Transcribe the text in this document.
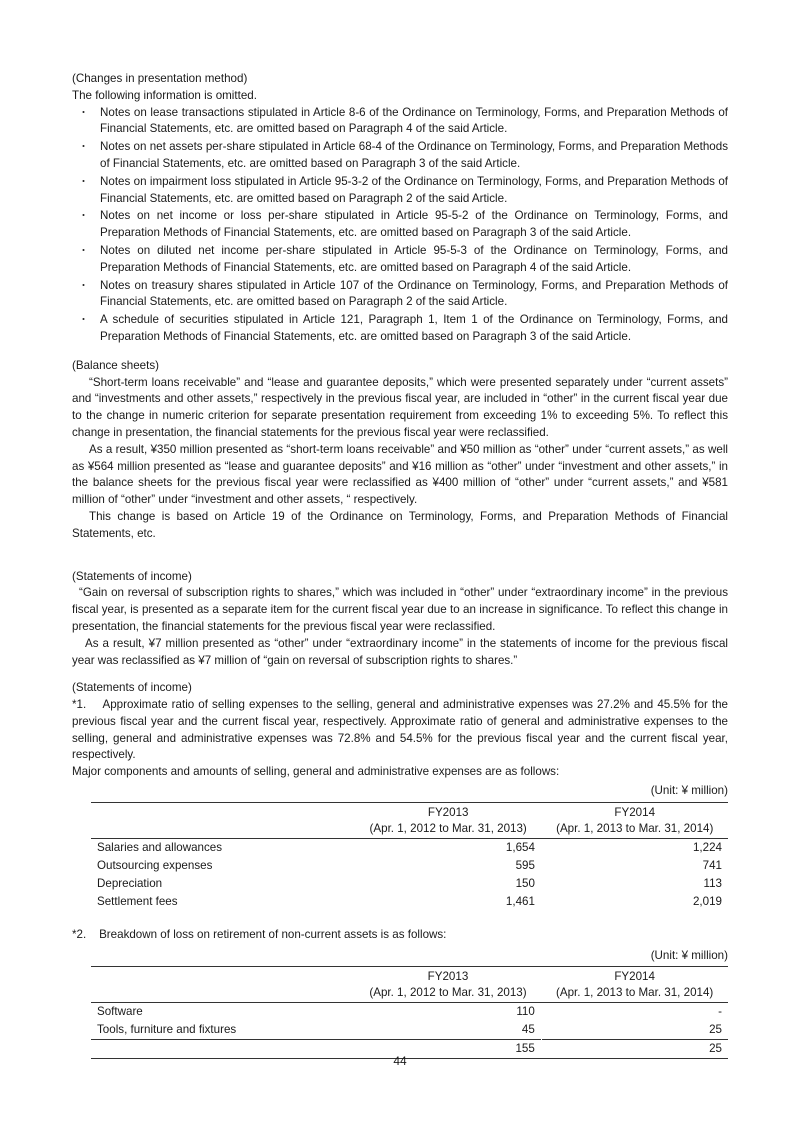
(Changes in presentation method)

The following information is omitted.

・ Notes on lease transactions stipulated in Article 8-6 of the Ordinance on Terminology, Forms, and Preparation Methods of Financial Statements, etc. are omitted based on Paragraph 4 of the said Article.
・ Notes on net assets per-share stipulated in Article 68-4 of the Ordinance on Terminology, Forms, and Preparation Methods of Financial Statements, etc. are omitted based on Paragraph 3 of the said Article.
・ Notes on impairment loss stipulated in Article 95-3-2 of the Ordinance on Terminology, Forms, and Preparation Methods of Financial Statements, etc. are omitted based on Paragraph 2 of the said Article.
・ Notes on net income or loss per-share stipulated in Article 95-5-2 of the Ordinance on Terminology, Forms, and Preparation Methods of Financial Statements, etc. are omitted based on Paragraph 3 of the said Article.
・ Notes on diluted net income per-share stipulated in Article 95-5-3 of the Ordinance on Terminology, Forms, and Preparation Methods of Financial Statements, etc. are omitted based on Paragraph 4 of the said Article.
・ Notes on treasury shares stipulated in Article 107 of the Ordinance on Terminology, Forms, and Preparation Methods of Financial Statements, etc. are omitted based on Paragraph 2 of the said Article.
・ A schedule of securities stipulated in Article 121, Paragraph 1, Item 1 of the Ordinance on Terminology, Forms, and Preparation Methods of Financial Statements, etc. are omitted based on Paragraph 3 of the said Article.

(Balance sheets)

“Short-term loans receivable” and “lease and guarantee deposits,” which were presented separately under “current assets” and “investments and other assets,” respectively in the previous fiscal year, are included in “other” in the current fiscal year due to the change in numeric criterion for separate presentation requirement from exceeding 1% to exceeding 5%. To reflect this change in presentation, the financial statements for the previous fiscal year were reclassified.

As a result, ¥350 million presented as “short-term loans receivable” and ¥50 million as “other” under “current assets,” as well as ¥564 million presented as “lease and guarantee deposits” and ¥16 million as “other” under “investment and other assets,” in the balance sheets for the previous fiscal year were reclassified as ¥400 million of “other” under “current assets,” and ¥581 million of “other” under “investment and other assets, “ respectively.

This change is based on Article 19 of the Ordinance on Terminology, Forms, and Preparation Methods of Financial Statements, etc.

(Statements of income)

“Gain on reversal of subscription rights to shares,” which was included in “other” under “extraordinary income” in the previous fiscal year, is presented as a separate item for the current fiscal year due to an increase in significance. To reflect this change in presentation, the financial statements for the previous fiscal year were reclassified.

As a result, ¥7 million presented as “other” under “extraordinary income” in the statements of income for the previous fiscal year was reclassified as ¥7 million of “gain on reversal of subscription rights to shares.”

(Statements of income)

*1. Approximate ratio of selling expenses to the selling, general and administrative expenses was 27.2% and 45.5% for the previous fiscal year and the current fiscal year, respectively. Approximate ratio of general and administrative expenses to the selling, general and administrative expenses was 72.8% and 54.5% for the previous fiscal year and the current fiscal year, respectively.

Major components and amounts of selling, general and administrative expenses are as follows:

(Unit: ¥ million)

	FY2013	FY2014
	(Apr. 1, 2012 to Mar. 31, 2013)	(Apr. 1, 2013 to Mar. 31, 2014)
Salaries and allowances	1,654	1,224
Outsourcing expenses	595	741
Depreciation	150	113
Settlement fees	1,461	2,019

*2. Breakdown of loss on retirement of non-current assets is as follows:

(Unit: ¥ million)

	FY2013	FY2014
	(Apr. 1, 2012 to Mar. 31, 2013)	(Apr. 1, 2013 to Mar. 31, 2014)
Software	110	-
Tools, furniture and fixtures	45	25
	155	25
44
